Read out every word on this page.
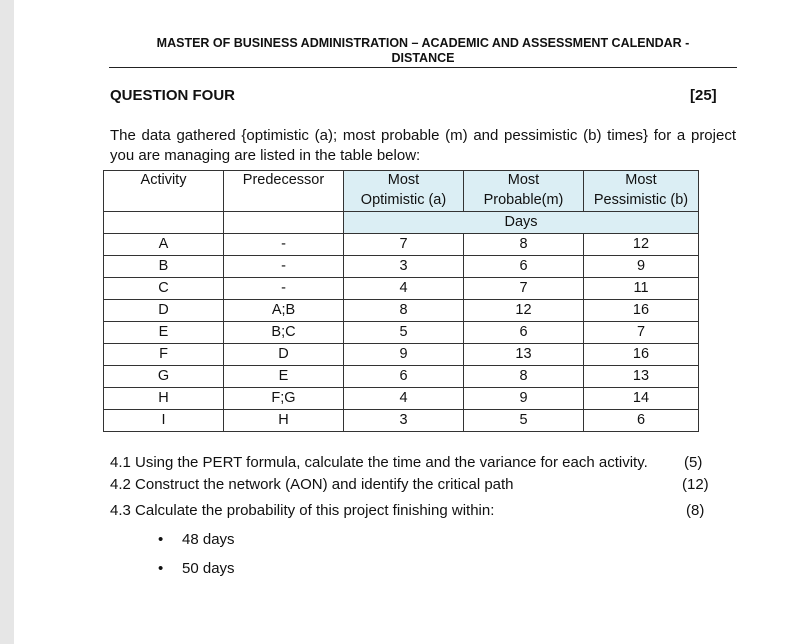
MASTER OF BUSINESS ADMINISTRATION – ACADEMIC AND ASSESSMENT CALENDAR -
DISTANCE
QUESTION FOUR	[25]
The data gathered {optimistic (a); most probable (m) and pessimistic (b) times} for a project you are managing are listed in the table below:
Activity	Predecessor	Most	Most	Most
		Optimistic (a)	Probable(m)	Pessimistic (b)
		Days		
A	-	7	8	12
B	-	3	6	9
C	-	4	7	11
D	A;B	8	12	16
E	B;C	5	6	7
F	D	9	13	16
G	E	6	8	13
H	F;G	4	9	14
I	H	3	5	6
4.1 Using the PERT formula, calculate the time and the variance for each activity. (5)
4.2 Construct the network (AON) and identify the critical path	(12)
4.3 Calculate the probability of this project finishing within:	(8)
• 48 days
• 50 days
